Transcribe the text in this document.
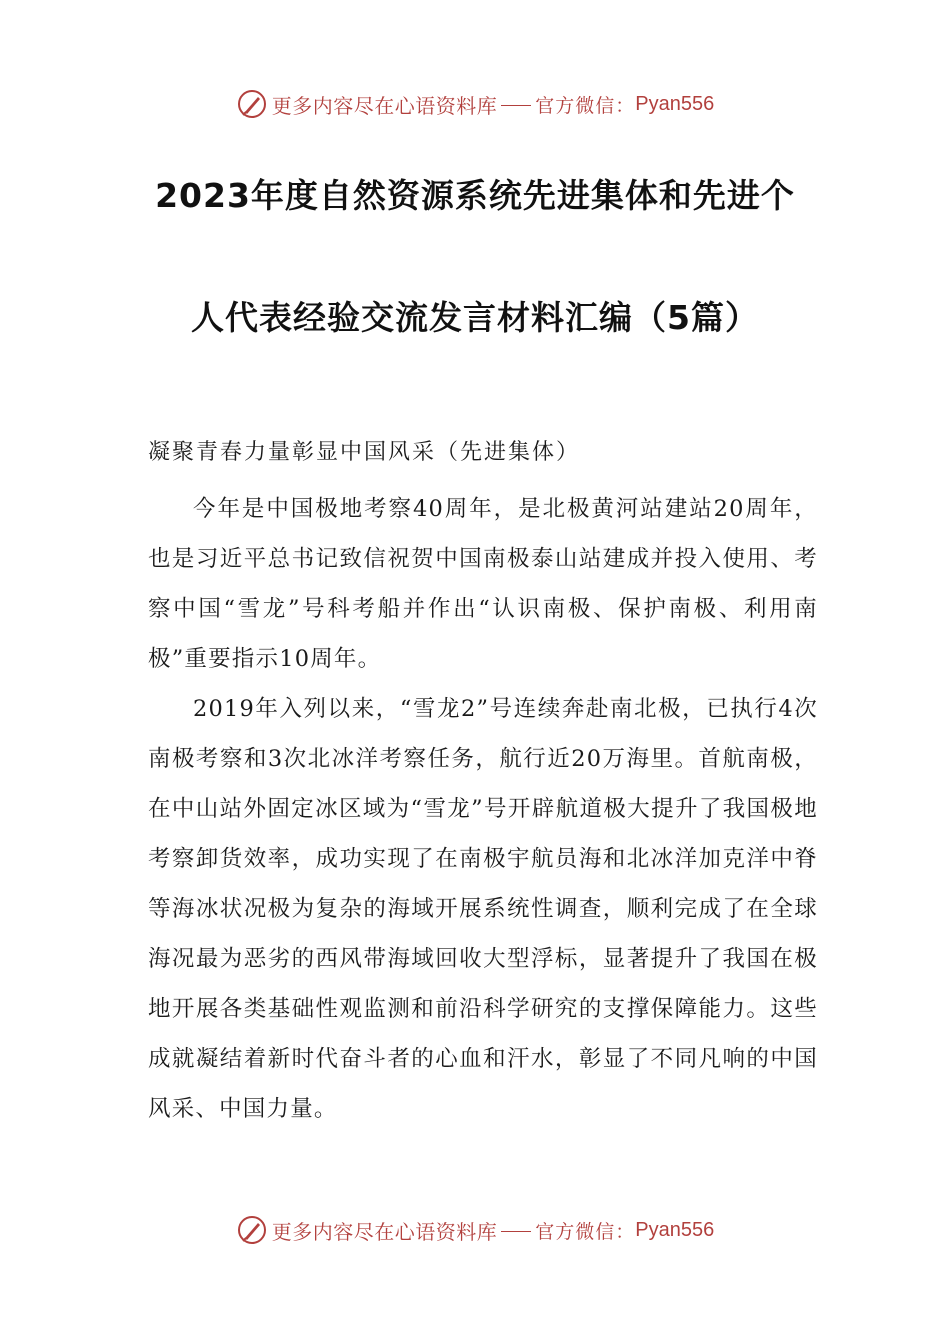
更多内容尽在心语资料库 官方微信： Pyan556
2023年度自然资源系统先进集体和先进个
人代表经验交流发言材料汇编（5篇）
凝聚青春力量彰显中国风采（先进集体）

今年是中国极地考察40周年，是北极黄河站建站20周年，也是习近平总书记致信祝贺中国南极泰山站建成并投入使用、考察中国“雪龙”号科考船并作出“认识南极、保护南极、利用南极”重要指示10周年。

2019年入列以来，“雪龙2”号连续奔赴南北极，已执行4次南极考察和3次北冰洋考察任务，航行近20万海里。首航南极，在中山站外固定冰区域为“雪龙”号开辟航道极大提升了我国极地考察卸货效率，成功实现了在南极宇航员海和北冰洋加克洋中脊等海冰状况极为复杂的海域开展系统性调查，顺利完成了在全球海况最为恶劣的西风带海域回收大型浮标，显著提升了我国在极地开展各类基础性观监测和前沿科学研究的支撑保障能力。这些成就凝结着新时代奋斗者的心血和汗水，彰显了不同凡响的中国风采、中国力量。

更多内容尽在心语资料库 官方微信： Pyan556
